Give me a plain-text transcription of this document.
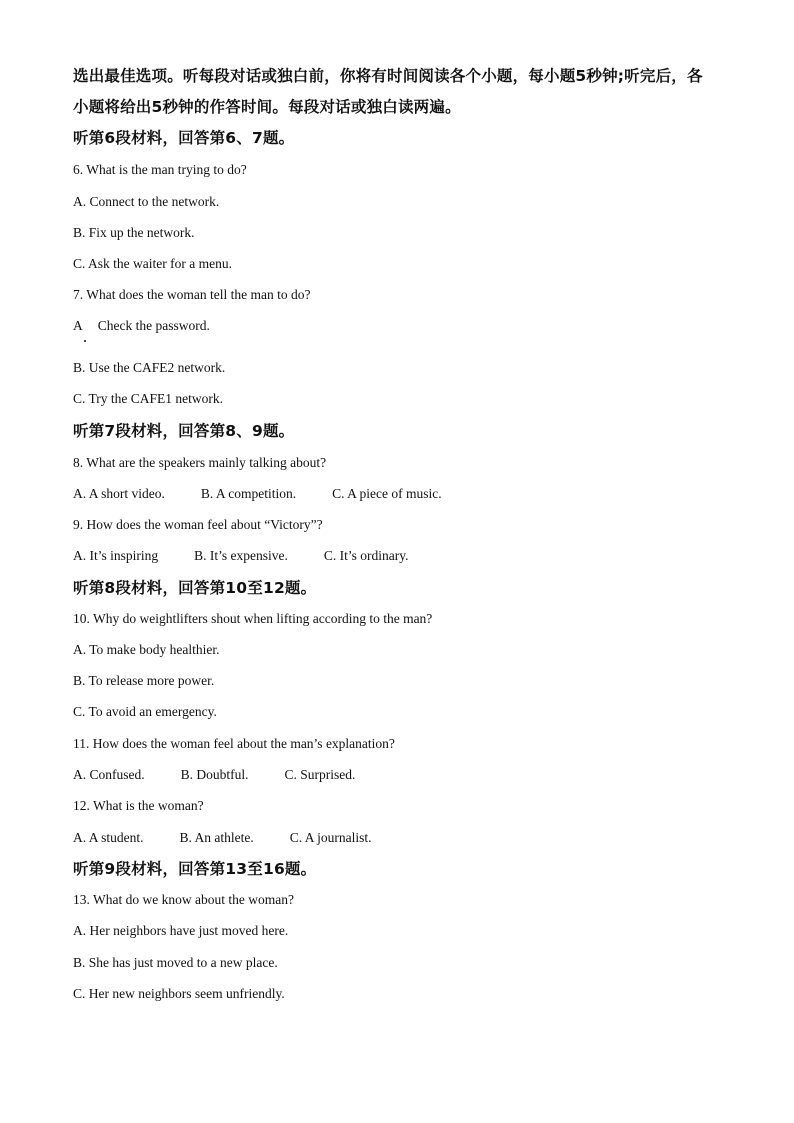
选出最佳选项。听每段对话或独白前，你将有时间阅读各个小题，每小题5秒钟;听完后，各
小题将给出5秒钟的作答时间。每段对话或独白读两遍。
听第6段材料，回答第6、7题。
6. What is the man trying to do?
A. Connect to the network.
B. Fix up the network.
C. Ask the waiter for a menu.
7. What does the woman tell the man to do?
A Check the password.
B. Use the CAFE2 network.
C. Try the CAFE1 network.
听第7段材料，回答第8、9题。
8. What are the speakers mainly talking about?
A. A short video.	B. A competition.	C. A piece of music.
9. How does the woman feel about “Victory”?
A. It’s inspiring	B. It’s expensive.	C. It’s ordinary.
听第8段材料，回答第10至12题。
10. Why do weightlifters shout when lifting according to the man?
A. To make body healthier.
B. To release more power.
C. To avoid an emergency.
11. How does the woman feel about the man’s explanation?
A. Confused.	B. Doubtful.	C. Surprised.
12. What is the woman?
A. A student.	B. An athlete.	C. A journalist.
听第9段材料，回答第13至16题。
13. What do we know about the woman?
A. Her neighbors have just moved here.
B. She has just moved to a new place.
C. Her new neighbors seem unfriendly.
